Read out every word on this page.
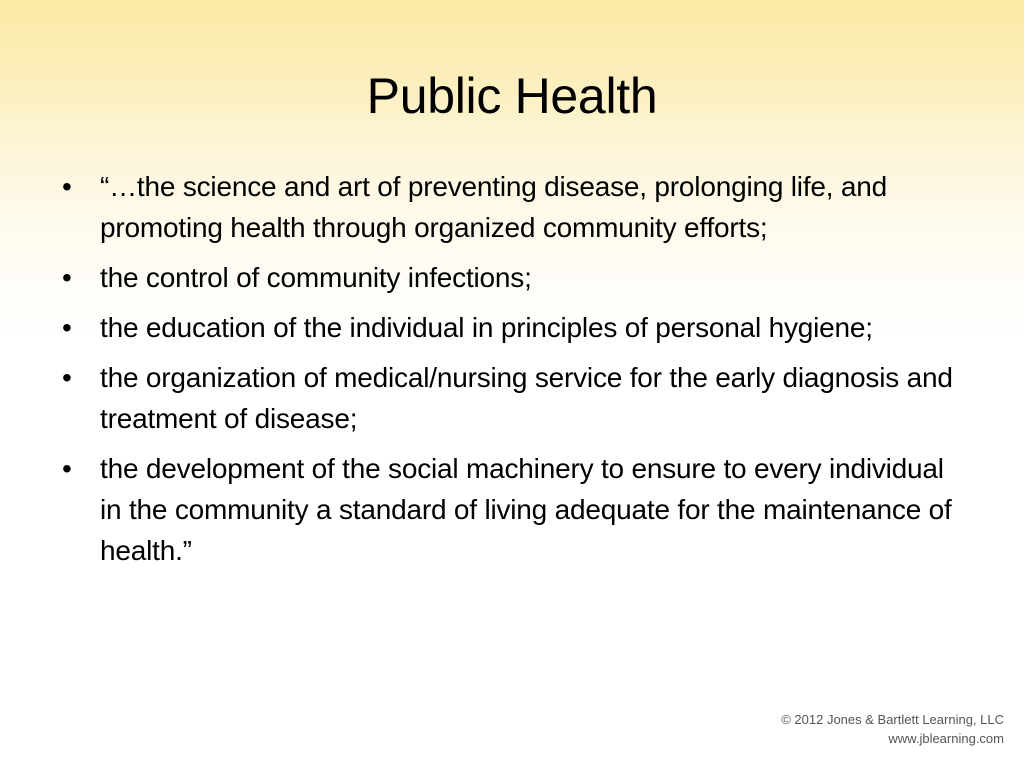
Public Health
• “…the science and art of preventing disease, prolonging life, and promoting health through organized community efforts;
• the control of community infections;
• the education of the individual in principles of personal hygiene;
• the organization of medical/nursing service for the early diagnosis and treatment of disease;
• the development of the social machinery to ensure to every individual in the community a standard of living adequate for the maintenance of health.”
© 2012 Jones & Bartlett Learning, LLC
www.jblearning.com
